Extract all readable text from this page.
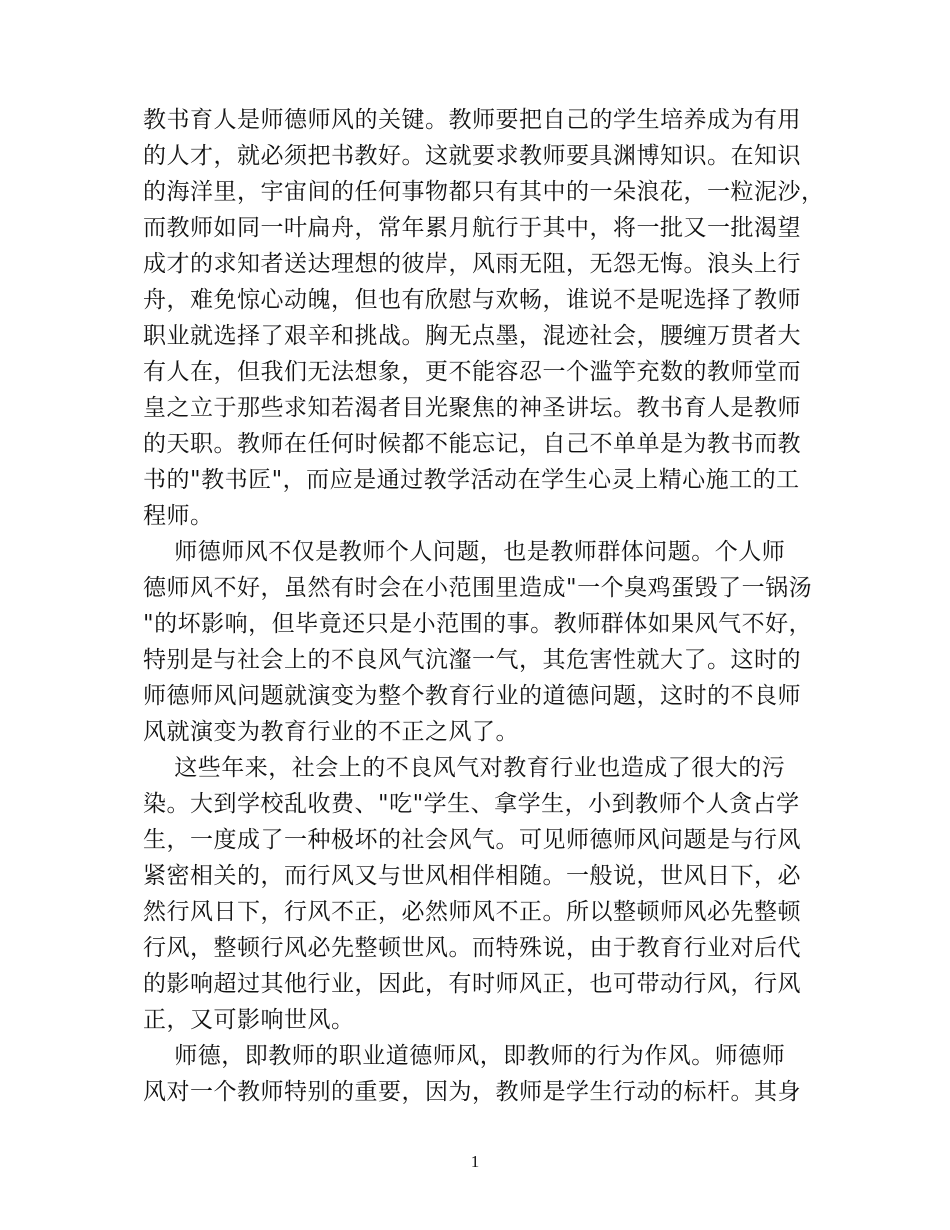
教书育人是师德师风的关键。教师要把自己的学生培养成为有用
的人才，就必须把书教好。这就要求教师要具渊博知识。在知识
的海洋里，宇宙间的任何事物都只有其中的一朵浪花，一粒泥沙，
而教师如同一叶扁舟，常年累月航行于其中，将一批又一批渴望
成才的求知者送达理想的彼岸，风雨无阻，无怨无悔。浪头上行
舟，难免惊心动魄，但也有欣慰与欢畅，谁说不是呢选择了教师
职业就选择了艰辛和挑战。胸无点墨，混迹社会，腰缠万贯者大
有人在，但我们无法想象，更不能容忍一个滥竽充数的教师堂而
皇之立于那些求知若渴者目光聚焦的神圣讲坛。教书育人是教师
的天职。教师在任何时候都不能忘记，自己不单单是为教书而教
书的"教书匠"，而应是通过教学活动在学生心灵上精心施工的工
程师。
师德师风不仅是教师个人问题，也是教师群体问题。个人师
德师风不好，虽然有时会在小范围里造成"一个臭鸡蛋毁了一锅汤
"的坏影响，但毕竟还只是小范围的事。教师群体如果风气不好，
特别是与社会上的不良风气沆瀣一气，其危害性就大了。这时的
师德师风问题就演变为整个教育行业的道德问题，这时的不良师
风就演变为教育行业的不正之风了。
这些年来，社会上的不良风气对教育行业也造成了很大的污
染。大到学校乱收费、"吃"学生、拿学生，小到教师个人贪占学
生，一度成了一种极坏的社会风气。可见师德师风问题是与行风
紧密相关的，而行风又与世风相伴相随。一般说，世风日下，必
然行风日下，行风不正，必然师风不正。所以整顿师风必先整顿
行风，整顿行风必先整顿世风。而特殊说，由于教育行业对后代
的影响超过其他行业，因此，有时师风正，也可带动行风，行风
正，又可影响世风。
师德，即教师的职业道德师风，即教师的行为作风。师德师
风对一个教师特别的重要，因为，教师是学生行动的标杆。其身
1
